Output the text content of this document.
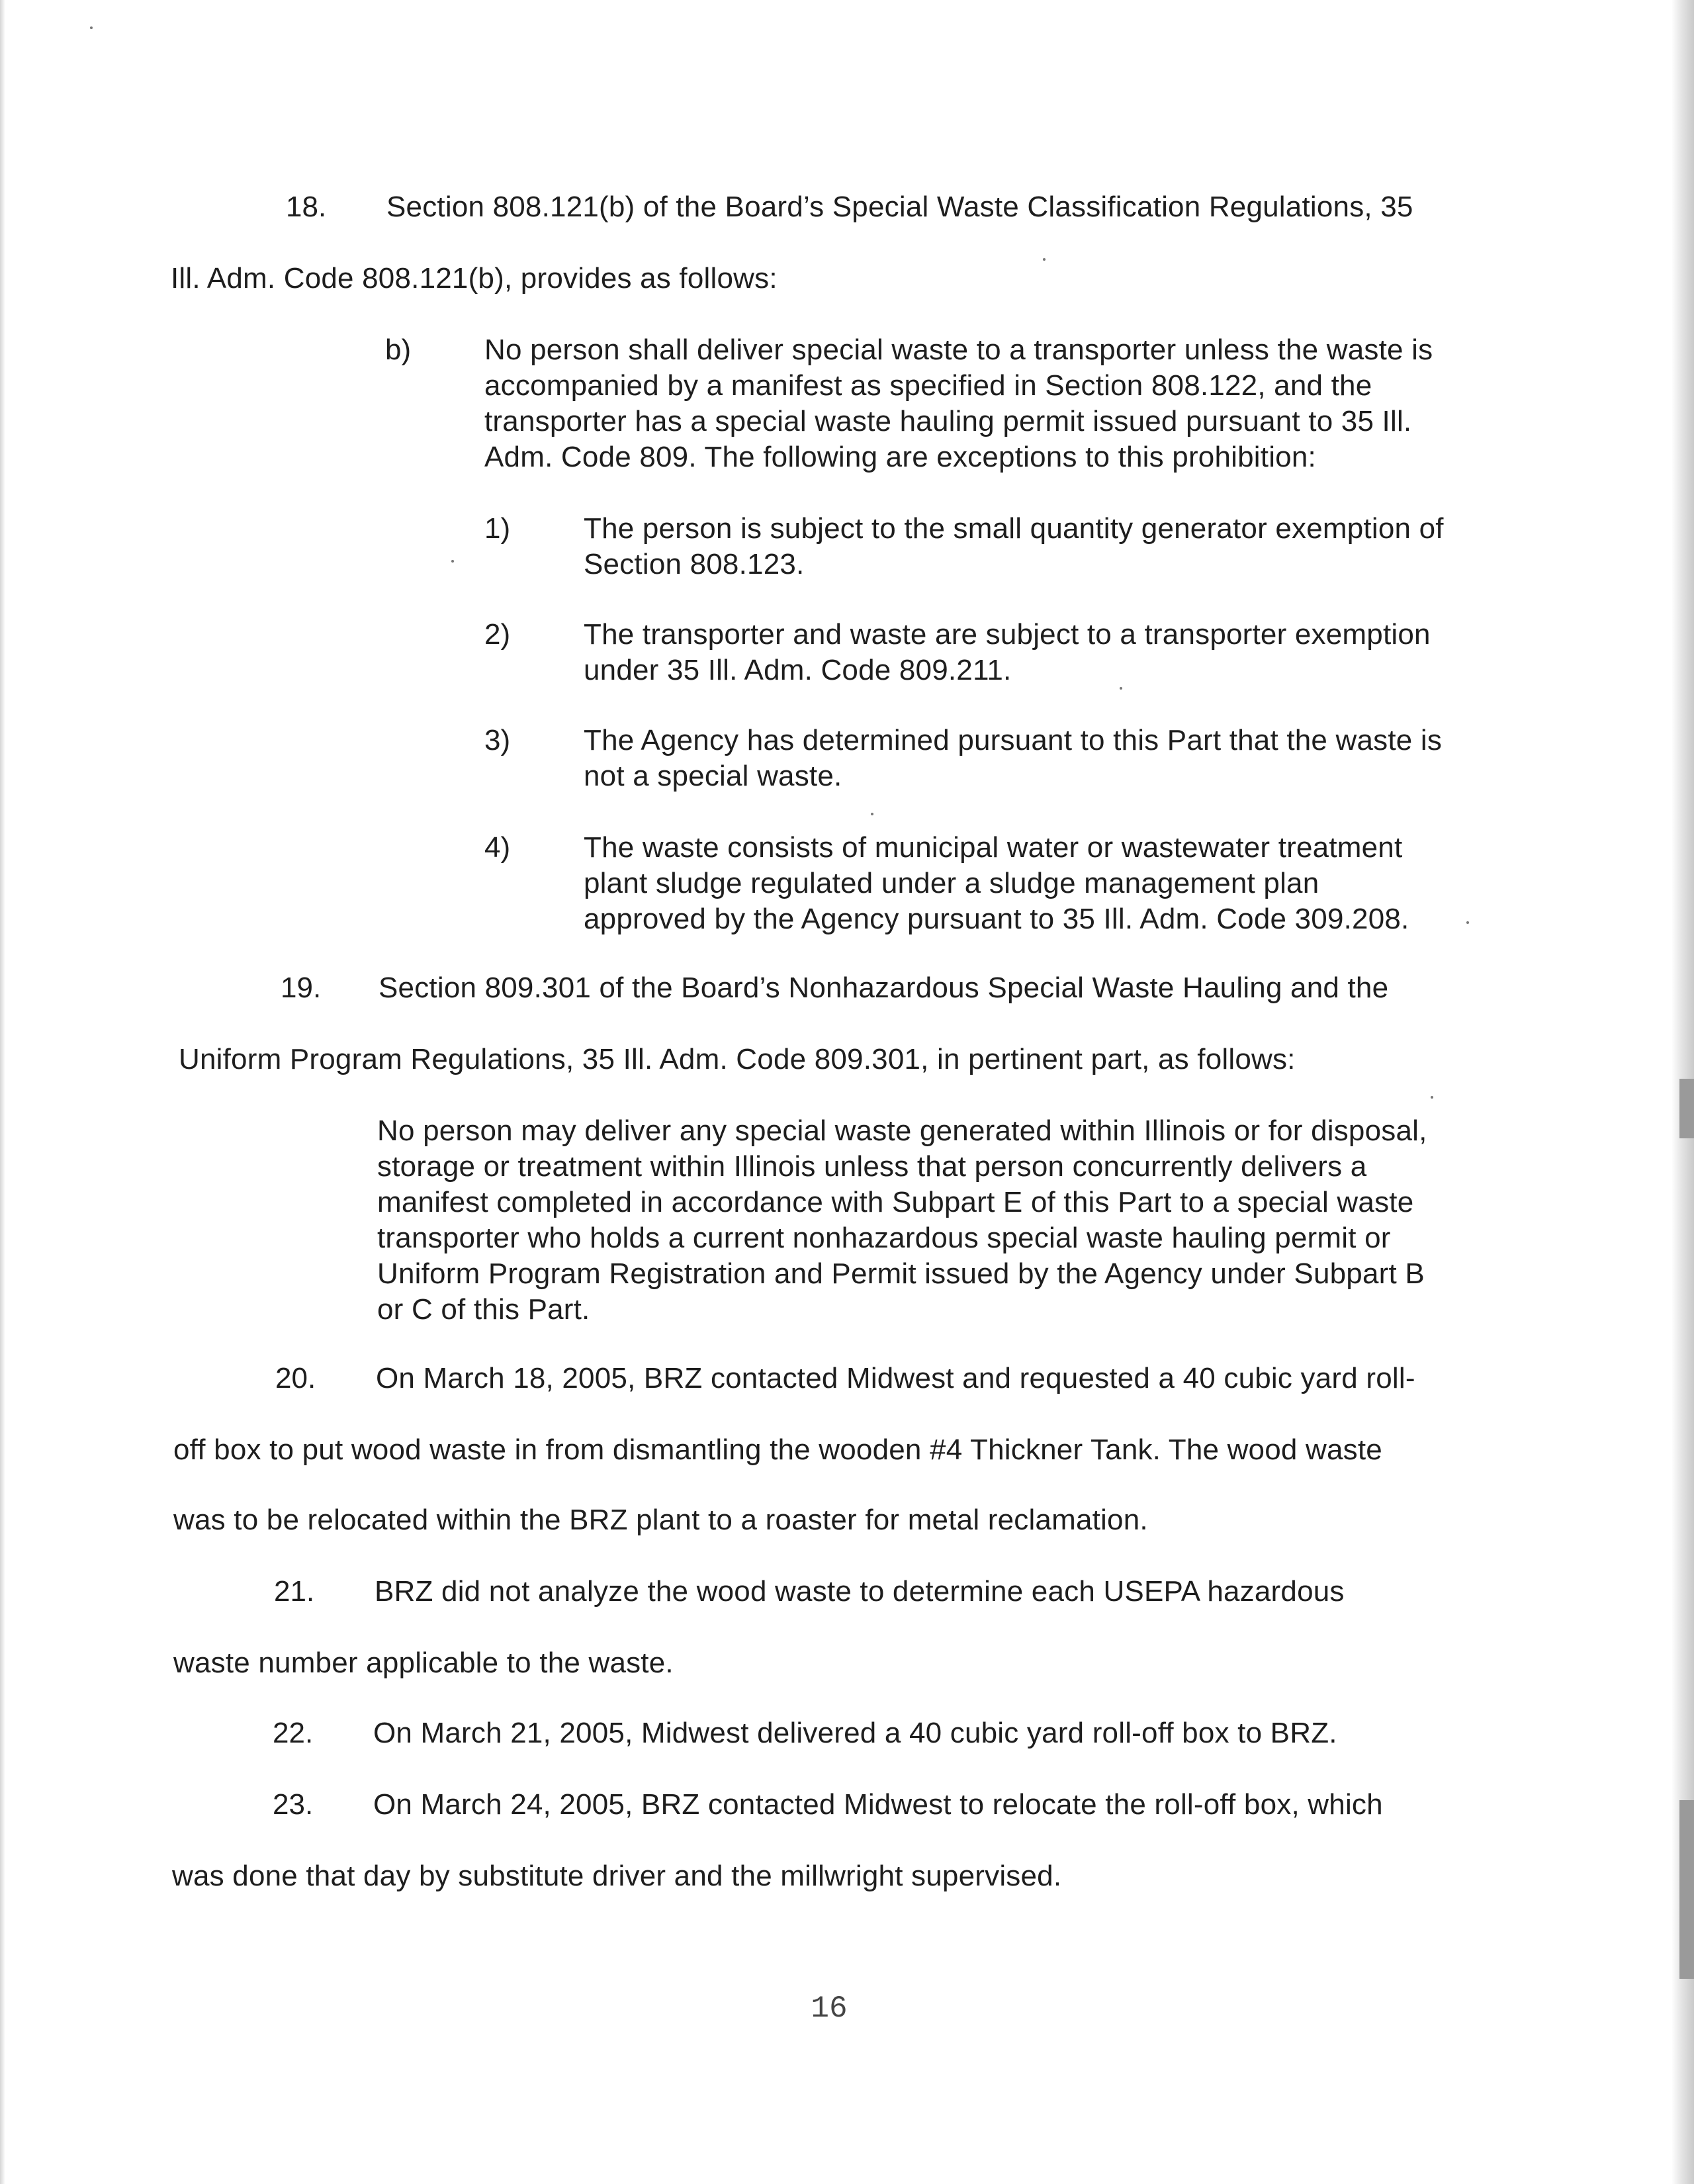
18. Section 808.121(b) of the Board’s Special Waste Classification Regulations, 35

Ill. Adm. Code 808.121(b), provides as follows:

b)	No person shall deliver special waste to a transporter unless the waste is

accompanied by a manifest as specified in Section 808.122, and the

transporter has a special waste hauling permit issued pursuant to 35 Ill.

Adm. Code 809. The following are exceptions to this prohibition:

1)	The person is subject to the small quantity generator exemption of

Section 808.123.

2)	The transporter and waste are subject to a transporter exemption

under 35 Ill. Adm. Code 809.211.

3)	The Agency has determined pursuant to this Part that the waste is

not a special waste.

4)	The waste consists of municipal water or wastewater treatment

plant sludge regulated under a sludge management plan

approved by the Agency pursuant to 35 Ill. Adm. Code 309.208.

19. Section 809.301 of the Board’s Nonhazardous Special Waste Hauling and the

Uniform Program Regulations, 35 Ill. Adm. Code 809.301, in pertinent part, as follows:

No person may deliver any special waste generated within Illinois or for disposal,

storage or treatment within Illinois unless that person concurrently delivers a

manifest completed in accordance with Subpart E of this Part to a special waste

transporter who holds a current nonhazardous special waste hauling permit or

Uniform Program Registration and Permit issued by the Agency under Subpart B

or C of this Part.

20. On March 18, 2005, BRZ contacted Midwest and requested a 40 cubic yard roll-

off box to put wood waste in from dismantling the wooden #4 Thickner Tank. The wood waste

was to be relocated within the BRZ plant to a roaster for metal reclamation.

21. BRZ did not analyze the wood waste to determine each USEPA hazardous

waste number applicable to the waste.

22. On March 21, 2005, Midwest delivered a 40 cubic yard roll-off box to BRZ.

23. On March 24, 2005, BRZ contacted Midwest to relocate the roll-off box, which

was done that day by substitute driver and the millwright supervised.

16
